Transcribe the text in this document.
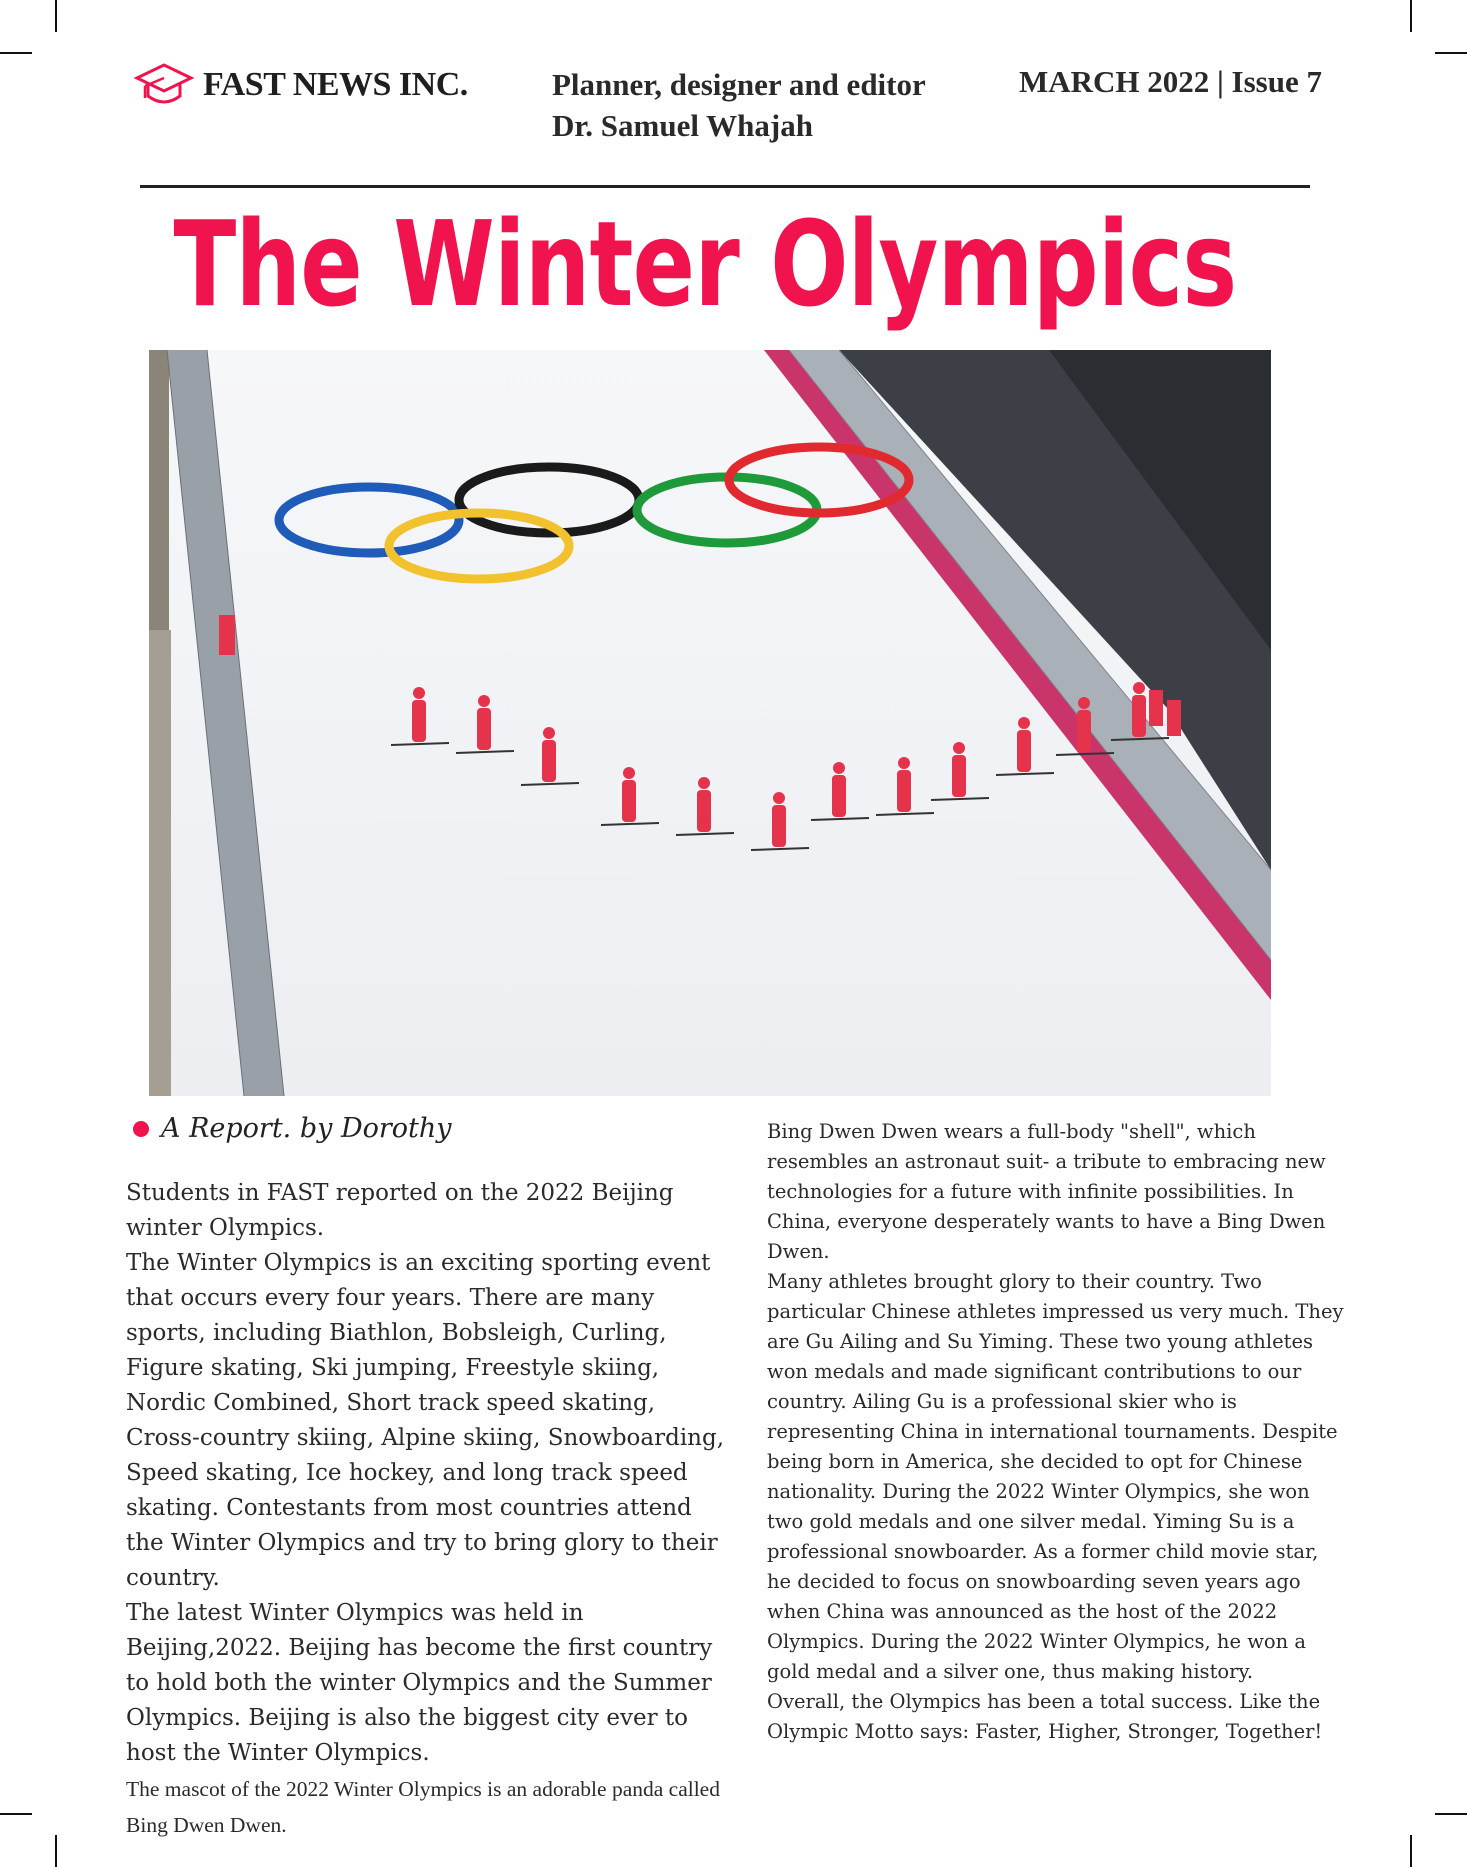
FAST NEWS INC.	Planner, designer and editor
Dr. Samuel Whajah
MARCH 2022 | Issue 7
The Winter Olympics
A Report. by Dorothy

Students in FAST reported on the 2022 Beijing winter Olympics.

The Winter Olympics is an exciting sporting event that occurs every four years. There are many sports, including Biathlon, Bobsleigh, Curling, Figure skating, Ski jumping, Freestyle skiing, Nordic Combined, Short track speed skating, Cross-country skiing, Alpine skiing, Snowboarding, Speed skating, Ice hockey, and long track speed skating. Contestants from most countries attend the Winter Olympics and try to bring glory to their country.

The latest Winter Olympics was held in Beijing,2022. Beijing has become the first country to hold both the winter Olympics and the Summer Olympics. Beijing is also the biggest city ever to host the Winter Olympics.

The mascot of the 2022 Winter Olympics is an adorable panda called Bing Dwen Dwen.

Bing Dwen Dwen wears a full-body "shell", which resembles an astronaut suit- a tribute to embracing new technologies for a future with infinite possibilities. In China, everyone desperately wants to have a Bing Dwen Dwen.

Many athletes brought glory to their country. Two particular Chinese athletes impressed us very much. They are Gu Ailing and Su Yiming. These two young athletes won medals and made significant contributions to our country. Ailing Gu is a professional skier who is representing China in international tournaments. Despite being born in America, she decided to opt for Chinese nationality. During the 2022 Winter Olympics, she won two gold medals and one silver medal. Yiming Su is a professional snowboarder. As a former child movie star, he decided to focus on snowboarding seven years ago when China was announced as the host of the 2022 Olympics. During the 2022 Winter Olympics, he won a gold medal and a silver one, thus making history.

Overall, the Olympics has been a total success. Like the Olympic Motto says: Faster, Higher, Stronger, Together!
